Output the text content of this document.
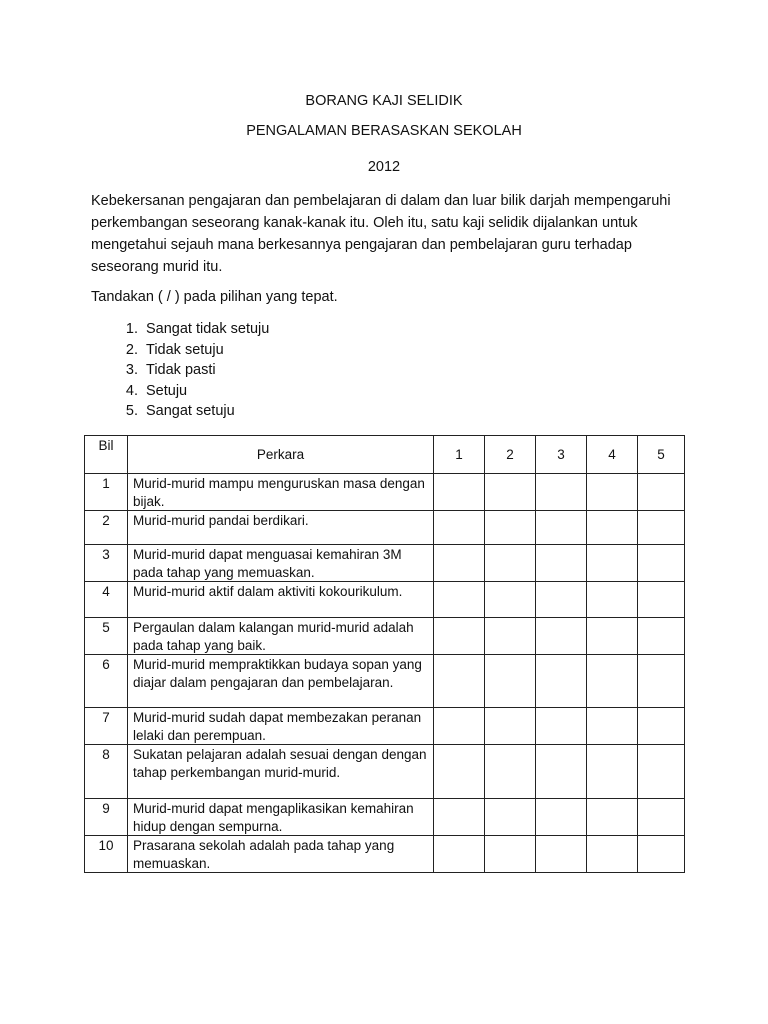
BORANG KAJI SELIDIK
PENGALAMAN BERASASKAN SEKOLAH
2012
Kebekersanan pengajaran dan pembelajaran di dalam dan luar bilik darjah mempengaruhi perkembangan seseorang kanak-kanak itu. Oleh itu, satu kaji selidik dijalankan untuk mengetahui sejauh mana berkesannya pengajaran dan pembelajaran guru terhadap seseorang murid itu.
Tandakan ( / ) pada pilihan yang tepat.
1. Sangat tidak setuju
2. Tidak setuju
3. Tidak pasti
4. Setuju
5. Sangat setuju
Bil	Perkara	1	2	3	4	5
1	Murid-murid mampu menguruskan masa dengan bijak.					
2	Murid-murid pandai berdikari.					
3	Murid-murid dapat menguasai kemahiran 3M pada tahap yang memuaskan.					
4	Murid-murid aktif dalam aktiviti kokourikulum.					
5	Pergaulan dalam kalangan murid-murid adalah pada tahap yang baik.					
6	Murid-murid mempraktikkan budaya sopan yang diajar dalam pengajaran dan pembelajaran.					
7	Murid-murid sudah dapat membezakan peranan lelaki dan perempuan.					
8	Sukatan pelajaran adalah sesuai dengan dengan tahap perkembangan murid-murid.					
9	Murid-murid dapat mengaplikasikan kemahiran hidup dengan sempurna.					
10	Prasarana sekolah adalah pada tahap yang memuaskan.					
